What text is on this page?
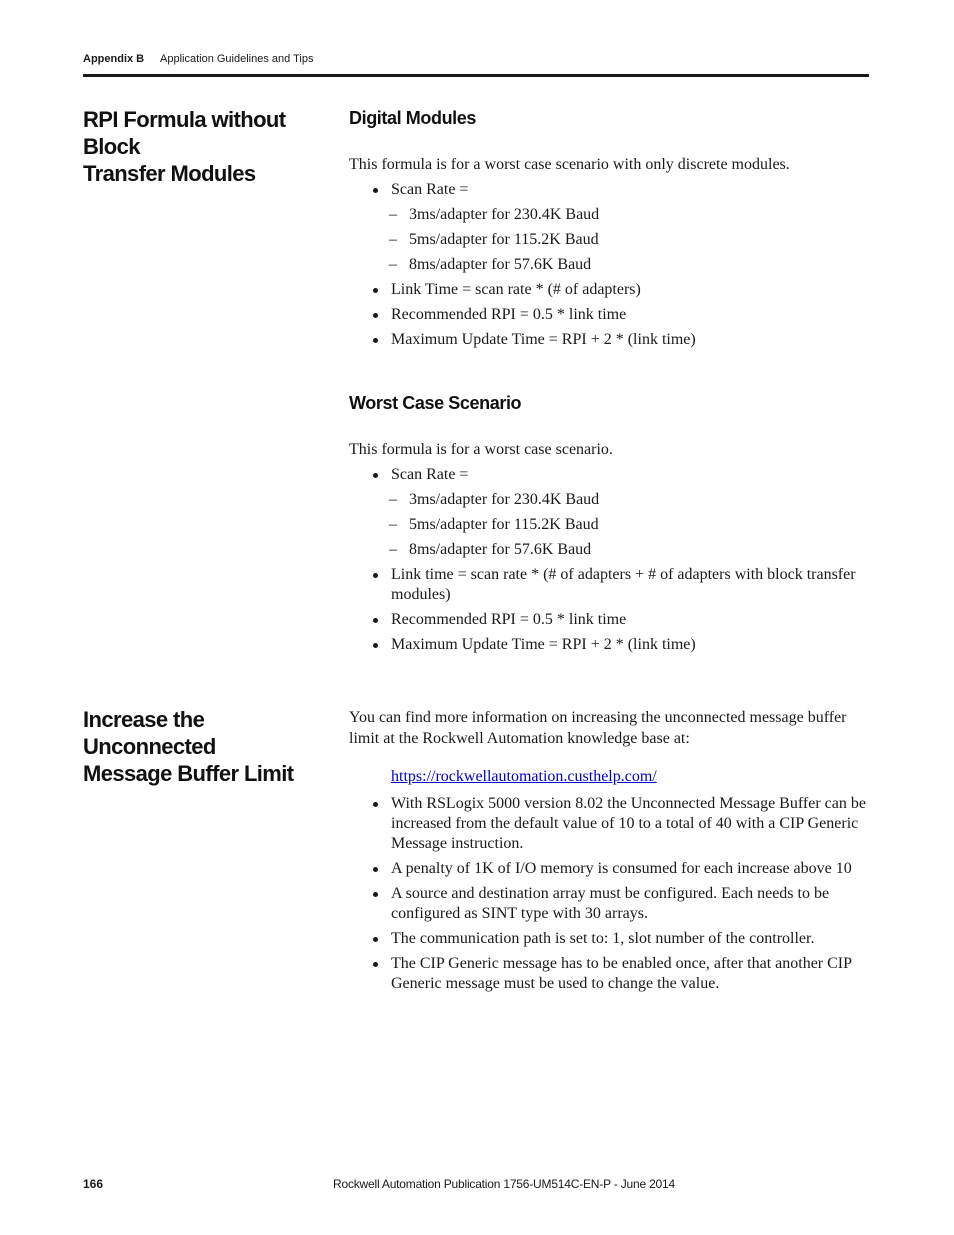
Appendix B Application Guidelines and Tips
RPI Formula without Block
Transfer Modules
Digital Modules
This formula is for a worst case scenario with only discrete modules.
Scan Rate =
– 3ms/adapter for 230.4K Baud
– 5ms/adapter for 115.2K Baud
– 8ms/adapter for 57.6K Baud
Link Time = scan rate * (# of adapters)
Recommended RPI = 0.5 * link time
Maximum Update Time = RPI + 2 * (link time)
Worst Case Scenario
This formula is for a worst case scenario.
Scan Rate =
– 3ms/adapter for 230.4K Baud
– 5ms/adapter for 115.2K Baud
– 8ms/adapter for 57.6K Baud
Link time = scan rate * (# of adapters + # of adapters with block transfer modules)
Recommended RPI = 0.5 * link time
Maximum Update Time = RPI + 2 * (link time)
Increase the Unconnected
Message Buffer Limit
You can find more information on increasing the unconnected message buffer limit at the Rockwell Automation knowledge base at:
https://rockwellautomation.custhelp.com/
With RSLogix 5000 version 8.02 the Unconnected Message Buffer can be increased from the default value of 10 to a total of 40 with a CIP Generic Message instruction.
A penalty of 1K of I/O memory is consumed for each increase above 10
A source and destination array must be configured. Each needs to be configured as SINT type with 30 arrays.
The communication path is set to: 1, slot number of the controller.
The CIP Generic message has to be enabled once, after that another CIP Generic message must be used to change the value.
166	Rockwell Automation Publication 1756-UM514C-EN-P - June 2014
